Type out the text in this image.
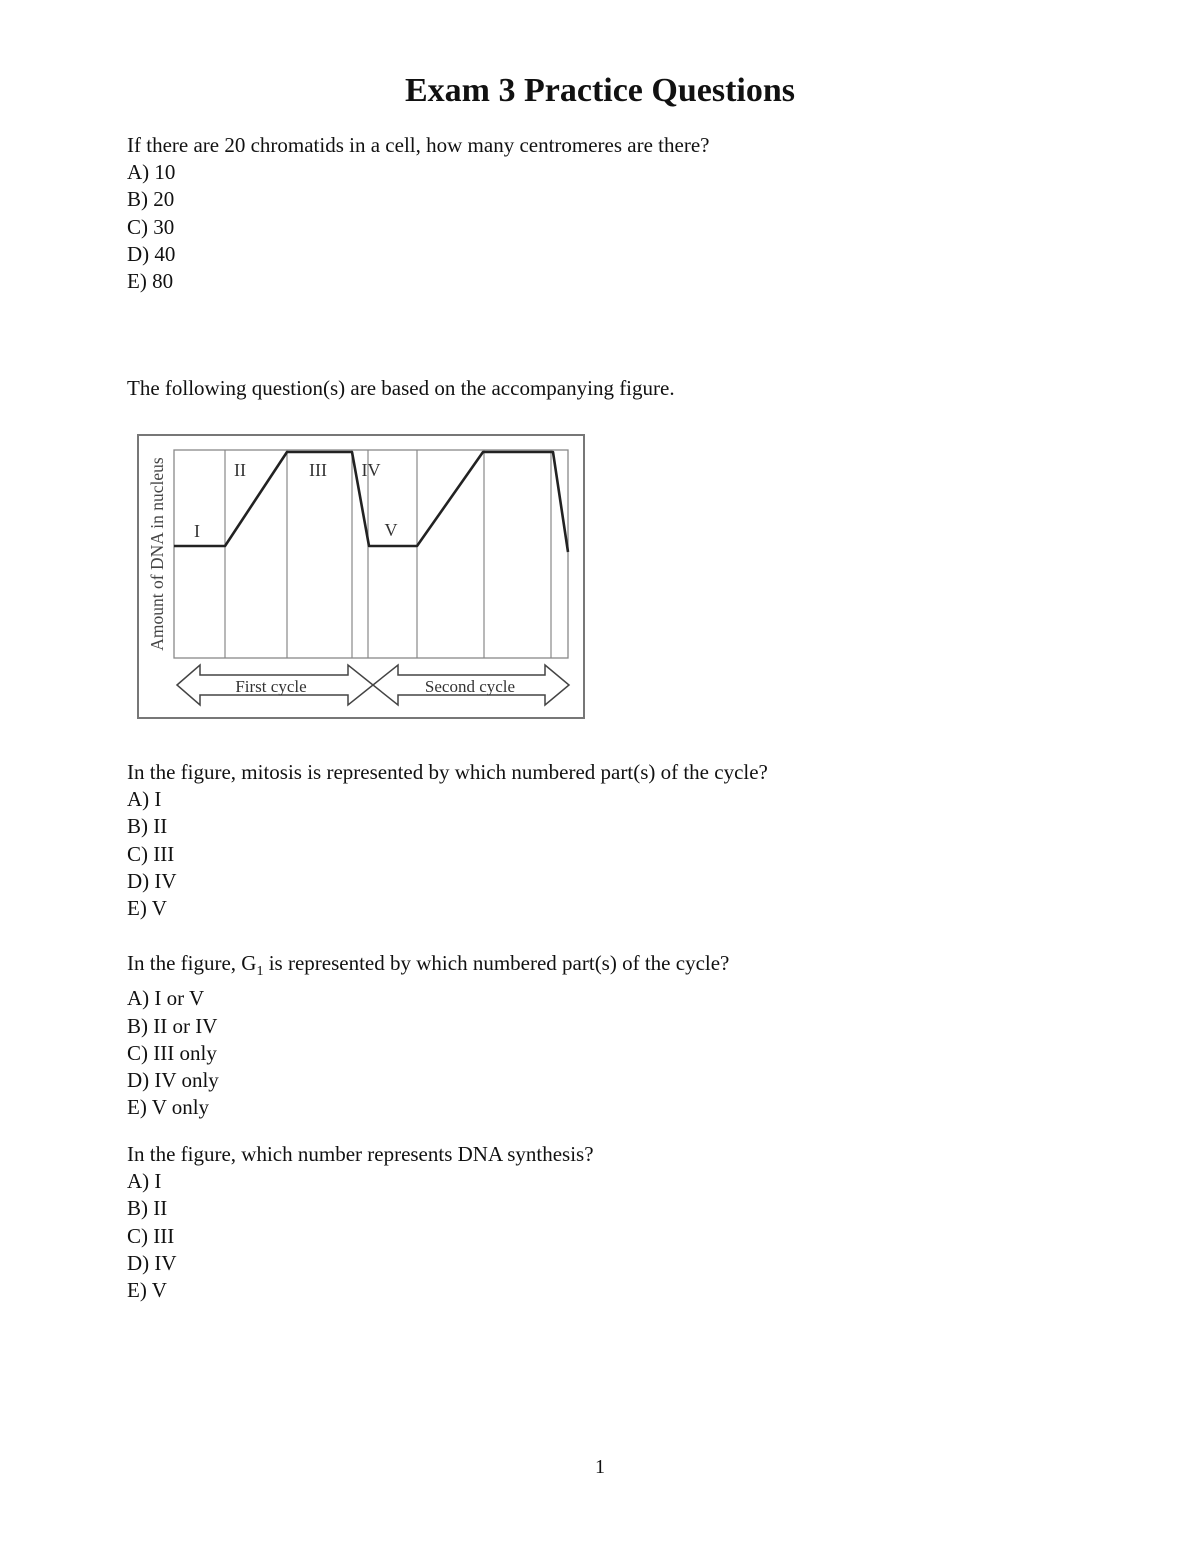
Exam 3 Practice Questions
If there are 20 chromatids in a cell, how many centromeres are there?
A) 10
B) 20
C) 30
D) 40
E) 80
The following question(s) are based on the accompanying figure.
Amount of DNA in nucleus I
II	III IV
V
First cycle	Second cycle
In the figure, mitosis is represented by which numbered part(s) of the cycle?
A) I
B) II
C) III
D) IV
E) V
In the figure, $G_1$ is represented by which numbered part(s) of the cycle?
A) I or V
B) II or IV
C) III only
D) IV only
E) V only
In the figure, which number represents DNA synthesis?
A) I
B) II
C) III
D) IV
E) V
1
